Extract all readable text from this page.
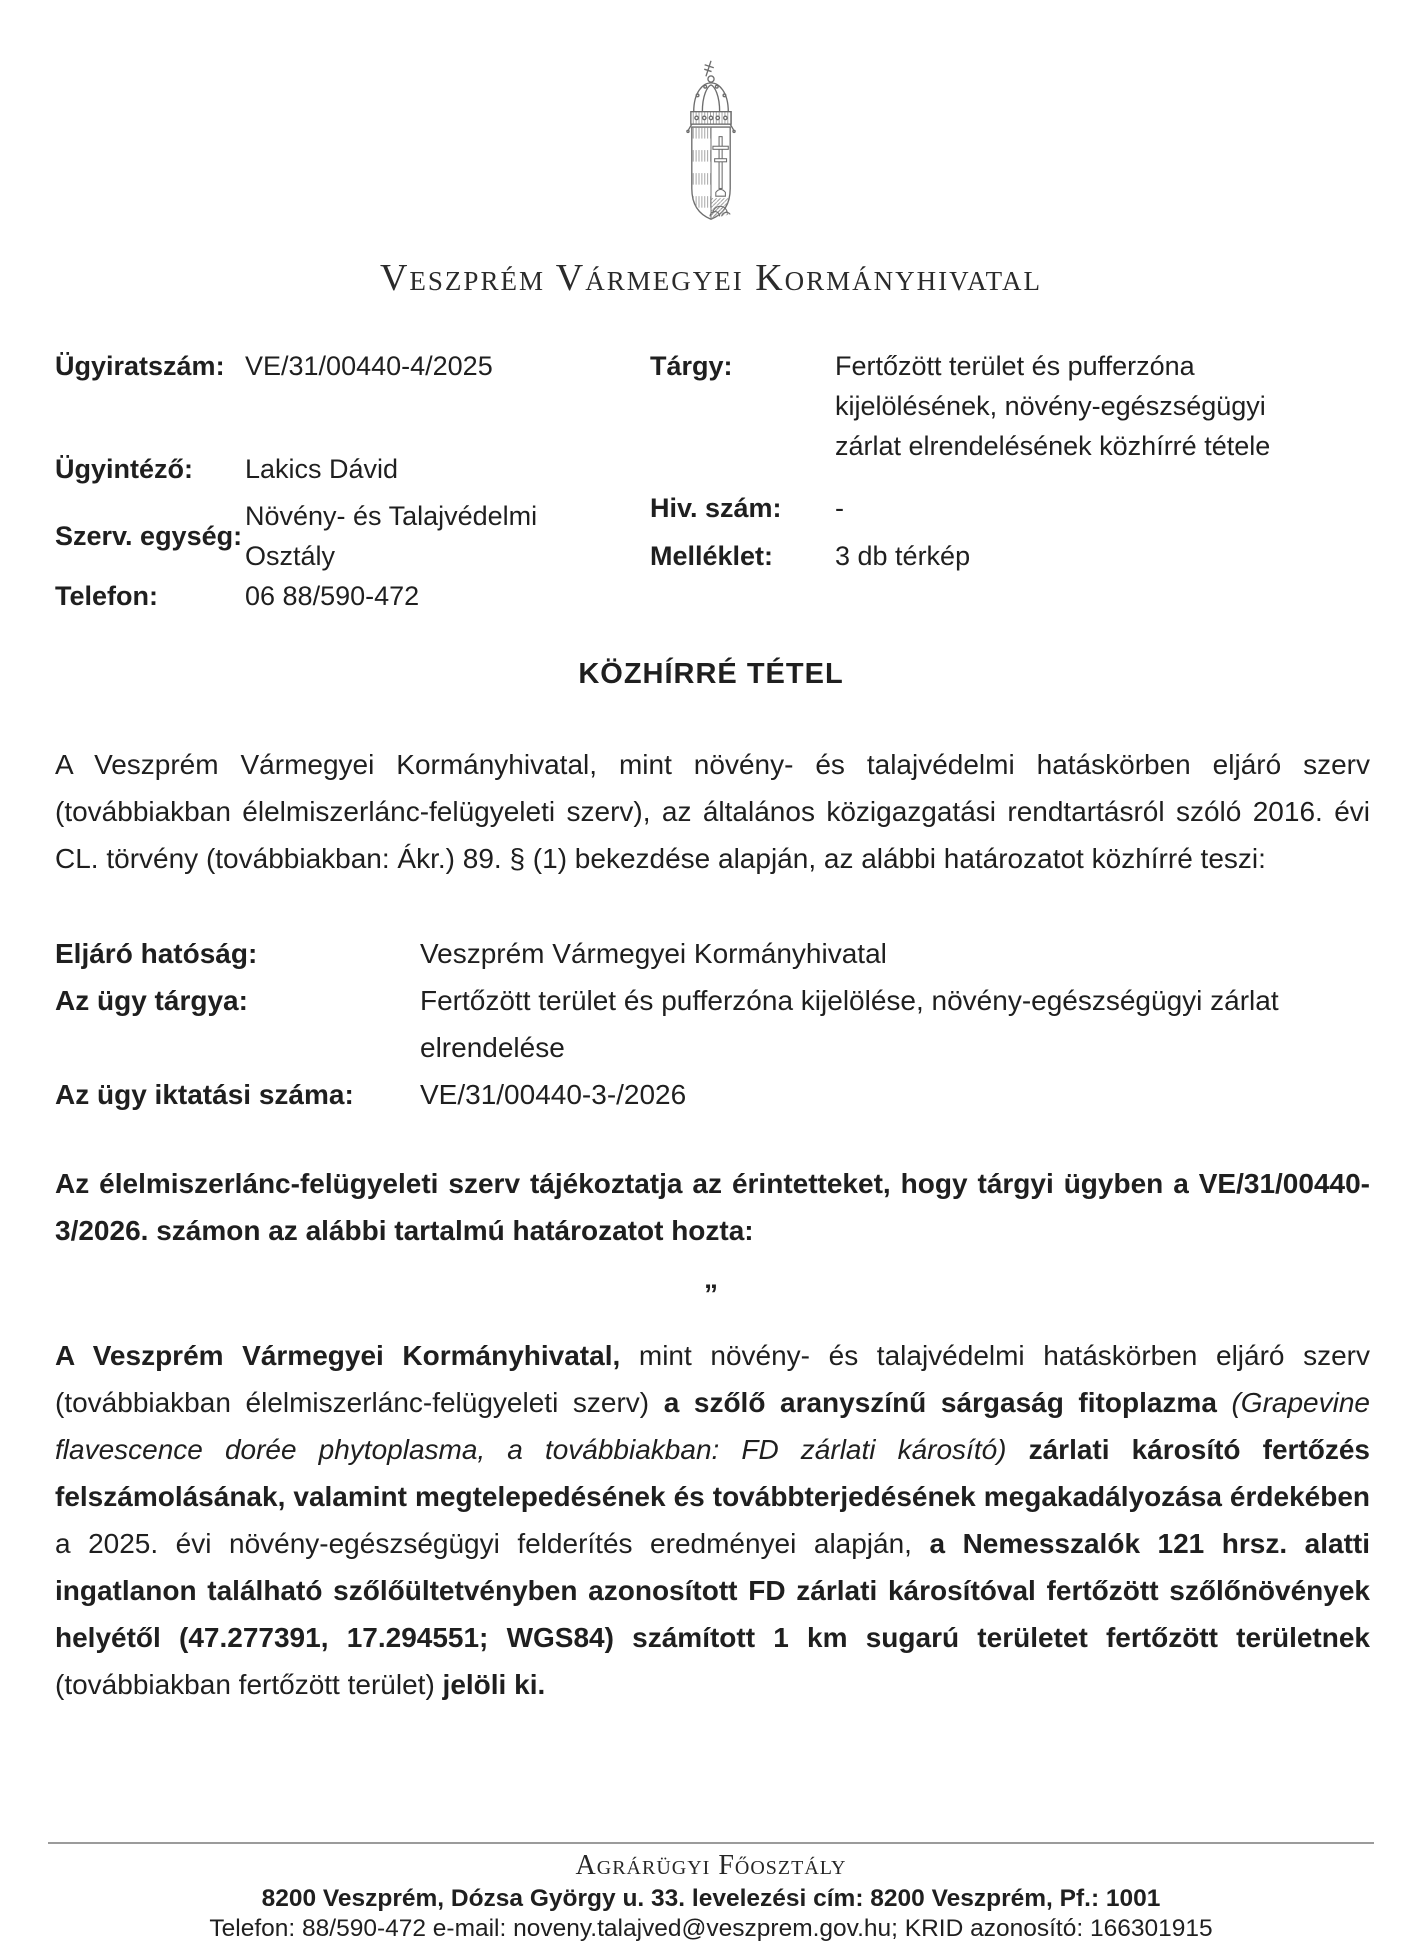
Veszprém Vármegyei Kormányhivatal
Ügyiratszám: VE/31/00440-4/2025
Ügyintéző:	Lakics Dávid
Szerv. egység:
Növény- és Talajvédelmi Osztály
Telefon:	06 88/590-472
Tárgy:	Fertőzött terület és pufferzóna kijelölésének, növény-egészségügyi zárlat elrendelésének közhírré tétele
Hiv. szám:	-
Melléklet:	3 db térkép
KÖZHÍRRÉ TÉTEL

A Veszprém Vármegyei Kormányhivatal, mint növény- és talajvédelmi hatáskörben eljáró szerv (továbbiakban élelmiszerlánc-felügyeleti szerv), az általános közigazgatási rendtartásról szóló 2016. évi CL. törvény (továbbiakban: Ákr.) 89. § (1) bekezdése alapján, az alábbi határozatot közhírré teszi:

Eljáró hatóság:	Veszprém Vármegyei Kormányhivatal
Az ügy tárgya:	Fertőzött terület és pufferzóna kijelölése, növény-egészségügyi zárlat elrendelése
Az ügy iktatási száma:	VE/31/00440-3-/2026

Az élelmiszerlánc-felügyeleti szerv tájékoztatja az érintetteket, hogy tárgyi ügyben a VE/31/00440-3/2026. számon az alábbi tartalmú határozatot hozta:

„

A Veszprém Vármegyei Kormányhivatal, mint növény- és talajvédelmi hatáskörben eljáró szerv (továbbiakban élelmiszerlánc-felügyeleti szerv) a szőlő aranyszínű sárgaság fitoplazma (Grapevine flavescence dorée phytoplasma, a továbbiakban: FD zárlati károsító) zárlati károsító fertőzés felszámolásának, valamint megtelepedésének és továbbterjedésének megakadályozása érdekében a 2025. évi növény-egészségügyi felderítés eredményei alapján, a Nemesszalók 121 hrsz. alatti ingatlanon található szőlőültetvényben azonosított FD zárlati károsítóval fertőzött szőlőnövények helyétől (47.277391, 17.294551; WGS84) számított 1 km sugarú területet fertőzött területnek (továbbiakban fertőzött terület) jelöli ki.

Agrárügyi Főosztály
8200 Veszprém, Dózsa György u. 33. levelezési cím: 8200 Veszprém, Pf.: 1001
Telefon: 88/590-472 e-mail: noveny.talajved@veszprem.gov.hu; KRID azonosító: 166301915
